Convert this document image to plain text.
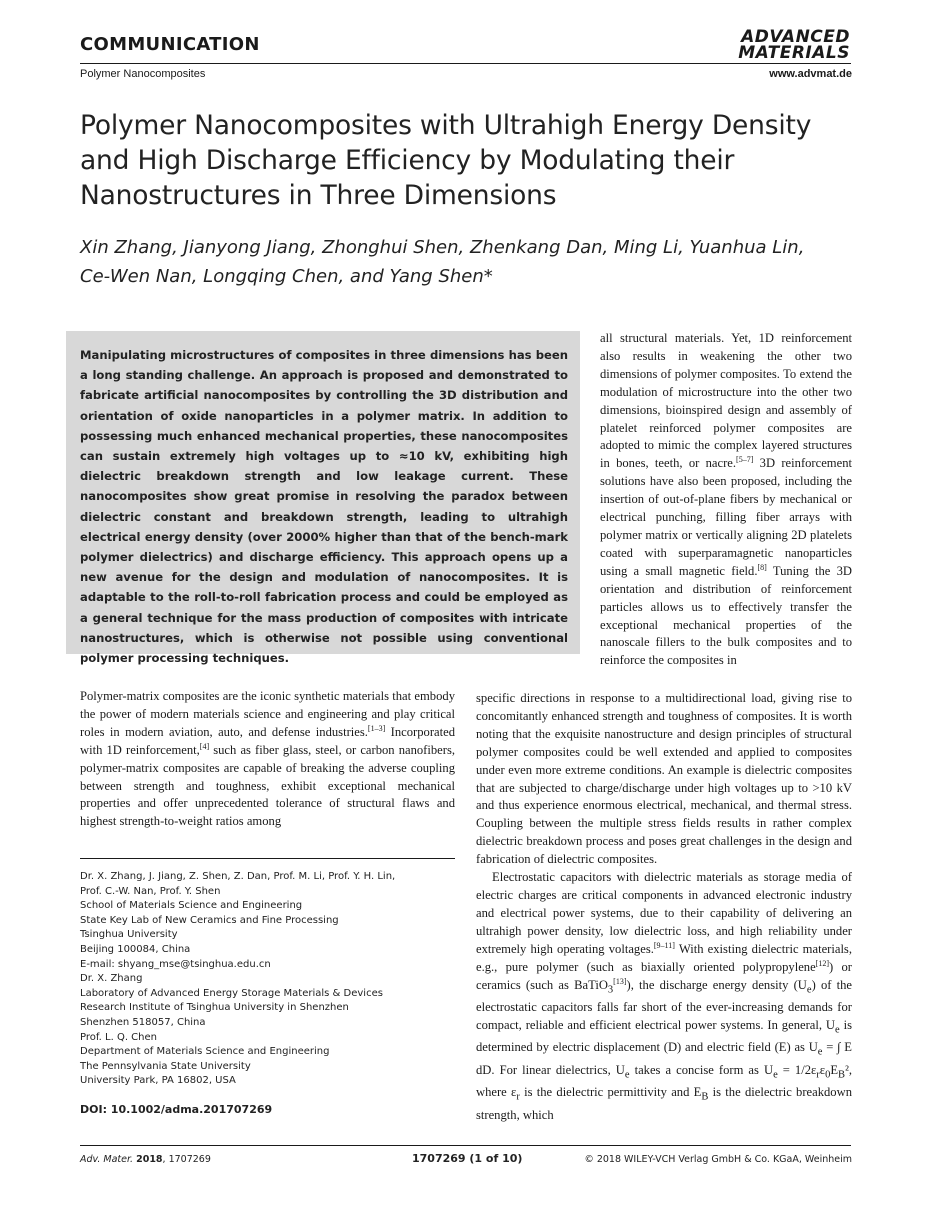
COMMUNICATION	ADVANCED
MATERIALS
Polymer Nanocomposites	www.advmat.de
Polymer Nanocomposites with Ultrahigh Energy Density and High Discharge Efficiency by Modulating their Nanostructures in Three Dimensions
Xin Zhang, Jianyong Jiang, Zhonghui Shen, Zhenkang Dan, Ming Li, Yuanhua Lin,
Ce-Wen Nan, Longqing Chen, and Yang Shen*
Manipulating microstructures of composites in three dimensions has been a long standing challenge. An approach is proposed and demonstrated to fabricate artificial nanocomposites by controlling the 3D distribution and orientation of oxide nanoparticles in a polymer matrix. In addition to possessing much enhanced mechanical properties, these nanocomposites can sustain extremely high voltages up to ≈10 kV, exhibiting high dielectric breakdown strength and low leakage current. These nanocomposites show great promise in resolving the paradox between dielectric constant and breakdown strength, leading to ultrahigh electrical energy density (over 2000% higher than that of the bench-mark polymer dielectrics) and discharge efficiency. This approach opens up a new avenue for the design and modulation of nanocomposites. It is adaptable to the roll-to-roll fabrication process and could be employed as a general technique for the mass production of composites with intricate nanostructures, which is otherwise not possible using conventional polymer processing techniques.
all structural materials. Yet, 1D reinforcement also results in weakening the other two dimensions of polymer composites. To extend the modulation of microstructure into the other two dimensions, bioinspired design and assembly of platelet reinforced polymer composites are adopted to mimic the complex layered structures in bones, teeth, or nacre.[5–7] 3D reinforcement solutions have also been proposed, including the insertion of out-of-plane fibers by mechanical or electrical punching, filling fiber arrays with polymer matrix or vertically aligning 2D platelets coated with superparamagnetic nanoparticles using a small magnetic field.[8] Tuning the 3D orientation and distribution of reinforcement particles allows us to effectively transfer the exceptional mechanical properties of the nanoscale fillers to the bulk composites and to reinforce the composites in
Polymer-matrix composites are the iconic synthetic materials that embody the power of modern materials science and engineering and play critical roles in modern aviation, auto, and defense industries.[1–3] Incorporated with 1D reinforcement,[4] such as fiber glass, steel, or carbon nanofibers, polymer-matrix composites are capable of breaking the adverse coupling between strength and toughness, exhibit exceptional mechanical properties and offer unprecedented tolerance of structural flaws and highest strength-to-weight ratios among

specific directions in response to a multidirectional load, giving rise to concomitantly enhanced strength and toughness of composites. It is worth noting that the exquisite nanostructure and design principles of structural polymer composites could be well extended and applied to composites under even more extreme conditions. An example is dielectric composites that are subjected to charge/discharge under high voltages up to >10 kV and thus experience enormous electrical, mechanical, and thermal stress. Coupling between the multiple stress fields results in rather complex dielectric breakdown process and poses great challenges in the design and fabrication of dielectric composites.

Electrostatic capacitors with dielectric materials as storage media of electric charges are critical components in advanced electronic industry and electrical power systems, due to their capability of delivering an ultrahigh power density, low dielectric loss, and high reliability under extremely high operating voltages.[9–11] With existing dielectric materials, e.g., pure polymer (such as biaxially oriented polypropylene[12]) or ceramics (such as BaTiO$_3$[13]), the discharge energy density $(U_e)$ of the electrostatic capacitors falls far short of the ever-increasing demands for compact, reliable and efficient electrical power systems. In general, $U_e$ is determined by electric displacement (D) and electric field (E) as $U_e$ = ∫ E dD. For linear dielectrics, $U_e$ takes a concise form as $U_e = 1/2\varepsilon_r\varepsilon_0E_B^2$, where $\varepsilon_r$ is the dielectric permittivity and $E_B$ is the dielectric breakdown strength, which

Dr. X. Zhang, J. Jiang, Z. Shen, Z. Dan, Prof. M. Li, Prof. Y. H. Lin,
Prof. C.-W. Nan, Prof. Y. Shen
School of Materials Science and Engineering
State Key Lab of New Ceramics and Fine Processing
Tsinghua University
Beijing 100084, China
E-mail: shyang_mse@tsinghua.edu.cn
Dr. X. Zhang
Laboratory of Advanced Energy Storage Materials & Devices
Research Institute of Tsinghua University in Shenzhen
Shenzhen 518057, China
Prof. L. Q. Chen
Department of Materials Science and Engineering
The Pennsylvania State University
University Park, PA 16802, USA
DOI: 10.1002/adma.201707269
Adv. Mater. 2018, 1707269	1707269 (1 of 10)	© 2018 WILEY-VCH Verlag GmbH & Co. KGaA, Weinheim
